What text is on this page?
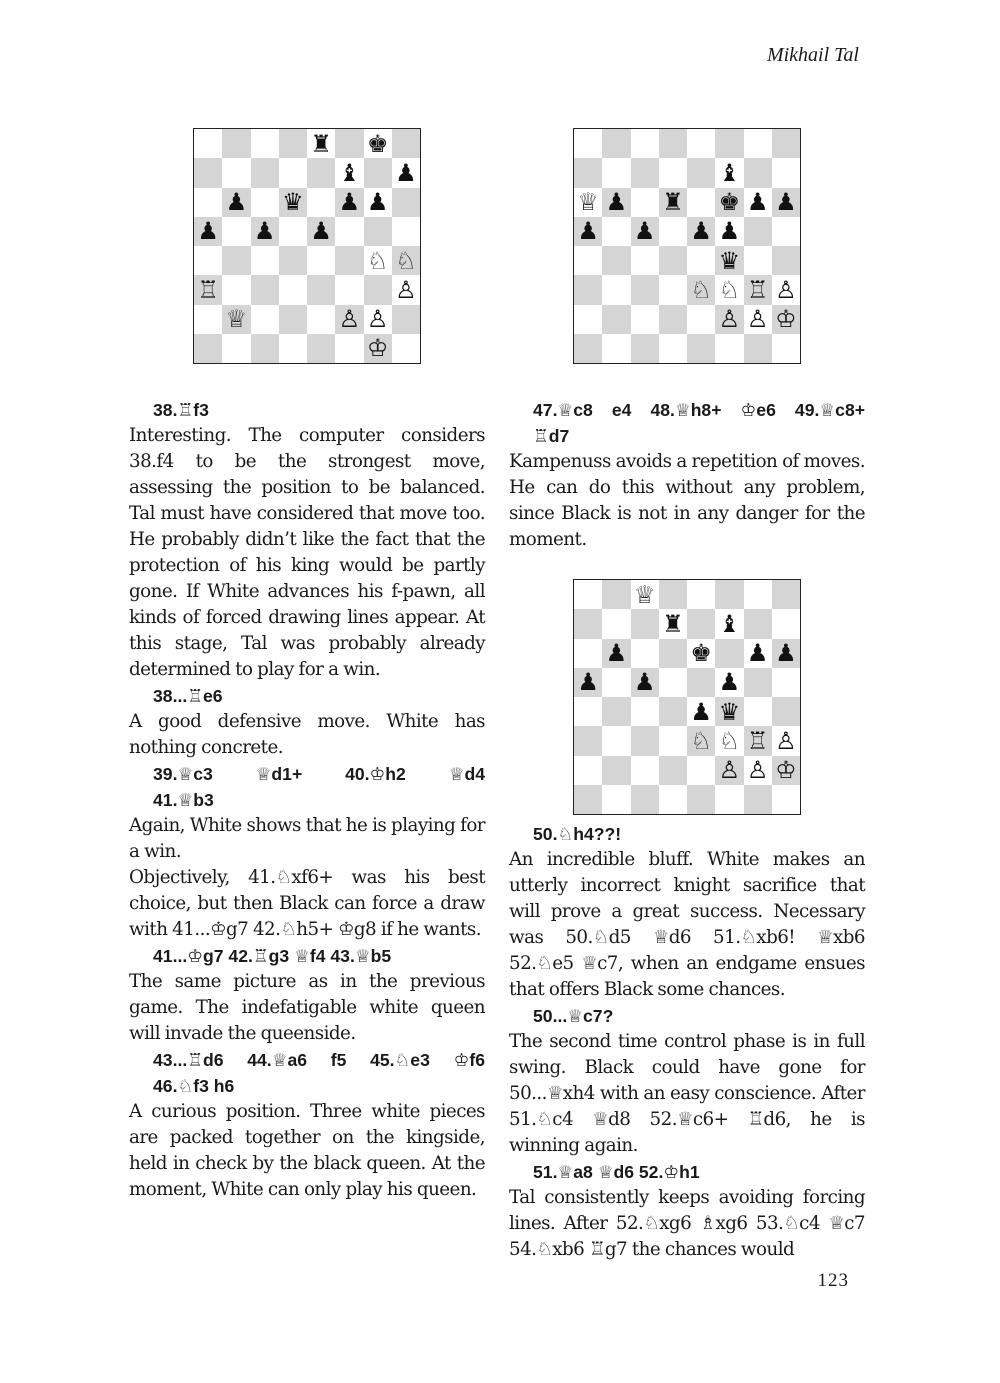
Mikhail Tal
♜ ♚
♝ ♟
♟ ♛ ♟ ♟
♟ ♟ ♟
♘ ♘
♖	♙
♕	♙ ♙
♔

38.♖f3

Interesting. The computer considers 38.f4 to be the strongest move, assessing the position to be balanced. Tal must have considered that move too. He probably didn’t like the fact that the protection of his king would be partly gone. If White advances his f-pawn, all kinds of forced drawing lines appear. At this stage, Tal was probably already determined to play for a win.

38...♖e6

A good defensive move. White has nothing concrete.

39.♕c3 ♕d1+ 40.♔h2 ♕d4

41.♕b3

Again, White shows that he is playing for a win.

Objectively, 41.♘xf6+ was his best choice, but then Black can force a draw with 41...♔g7 42.♘h5+ ♔g8 if he wants.

41...♔g7 42.♖g3 ♕f4 43.♕b5

The same picture as in the previous game. The indefatigable white queen will invade the queenside.

43...♖d6 44.♕a6 f5 45.♘e3 ♔f6

46.♘f3 h6

A curious position. Three white pieces are packed together on the kingside, held in check by the black queen. At the moment, White can only play his queen.

♝
♕ ♟ ♜ ♚ ♟ ♟
♟ ♟ ♟ ♟
♛
♘ ♘ ♖ ♙
♙ ♙ ♔

47.♕c8 e4 48.♕h8+ ♔e6 49.♕c8+

♖d7

Kampenuss avoids a repetition of moves. He can do this without any problem, since Black is not in any danger for the moment.

♕
♜ ♝
♟	♚ ♟ ♟
♟ ♟	♟
♟ ♛
♘ ♘ ♖ ♙
♙ ♙ ♔

50.♘h4??!

An incredible bluff. White makes an utterly incorrect knight sacrifice that will prove a great success. Necessary was 50.♘d5 ♕d6 51.♘xb6! ♕xb6 52.♘e5 ♕c7, when an endgame ensues that offers Black some chances.

50...♕c7?

The second time control phase is in full swing. Black could have gone for 50...♕xh4 with an easy conscience. After 51.♘c4 ♕d8 52.♕c6+ ♖d6, he is winning again.

51.♕a8 ♕d6 52.♔h1

Tal consistently keeps avoiding forcing lines. After 52.♘xg6 ♗xg6 53.♘c4 ♕c7 54.♘xb6 ♖g7 the chances would

123
